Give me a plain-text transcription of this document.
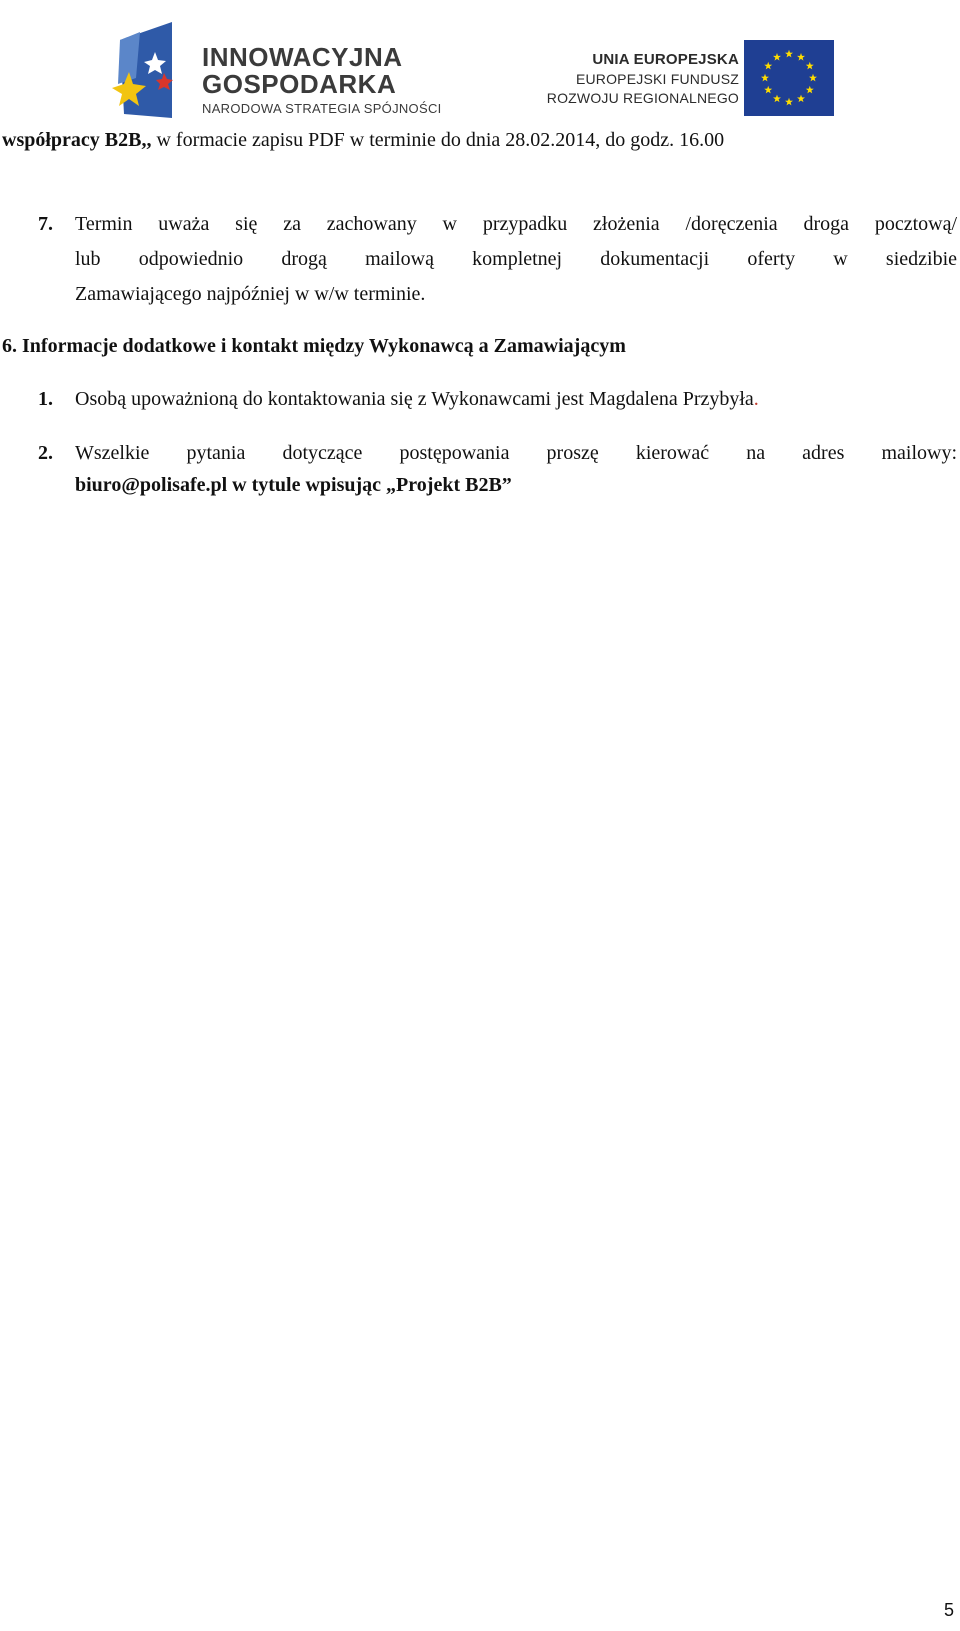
INNOWACYJNA
GOSPODARKA
NARODOWA STRATEGIA SPÓJNOŚCI
UNIA EUROPEJSKA
EUROPEJSKI FUNDUSZ
ROZWOJU REGIONALNEGO
współpracy B2B,, w formacie zapisu PDF w terminie do dnia 28.02.2014, do godz. 16.00
7. Termin uważa się za zachowany w przypadku złożenia /doręczenia droga pocztową/
lub odpowiednio drogą mailową kompletnej dokumentacji oferty w siedzibie
Zamawiającego najpóźniej w w/w terminie.
6. Informacje dodatkowe i kontakt między Wykonawcą a Zamawiającym
1. Osobą upoważnioną do kontaktowania się z Wykonawcami jest Magdalena Przybyła.
2. Wszelkie pytania dotyczące postępowania proszę kierować na adres mailowy:
biuro@polisafe.pl w tytule wpisując „Projekt B2B”
5
